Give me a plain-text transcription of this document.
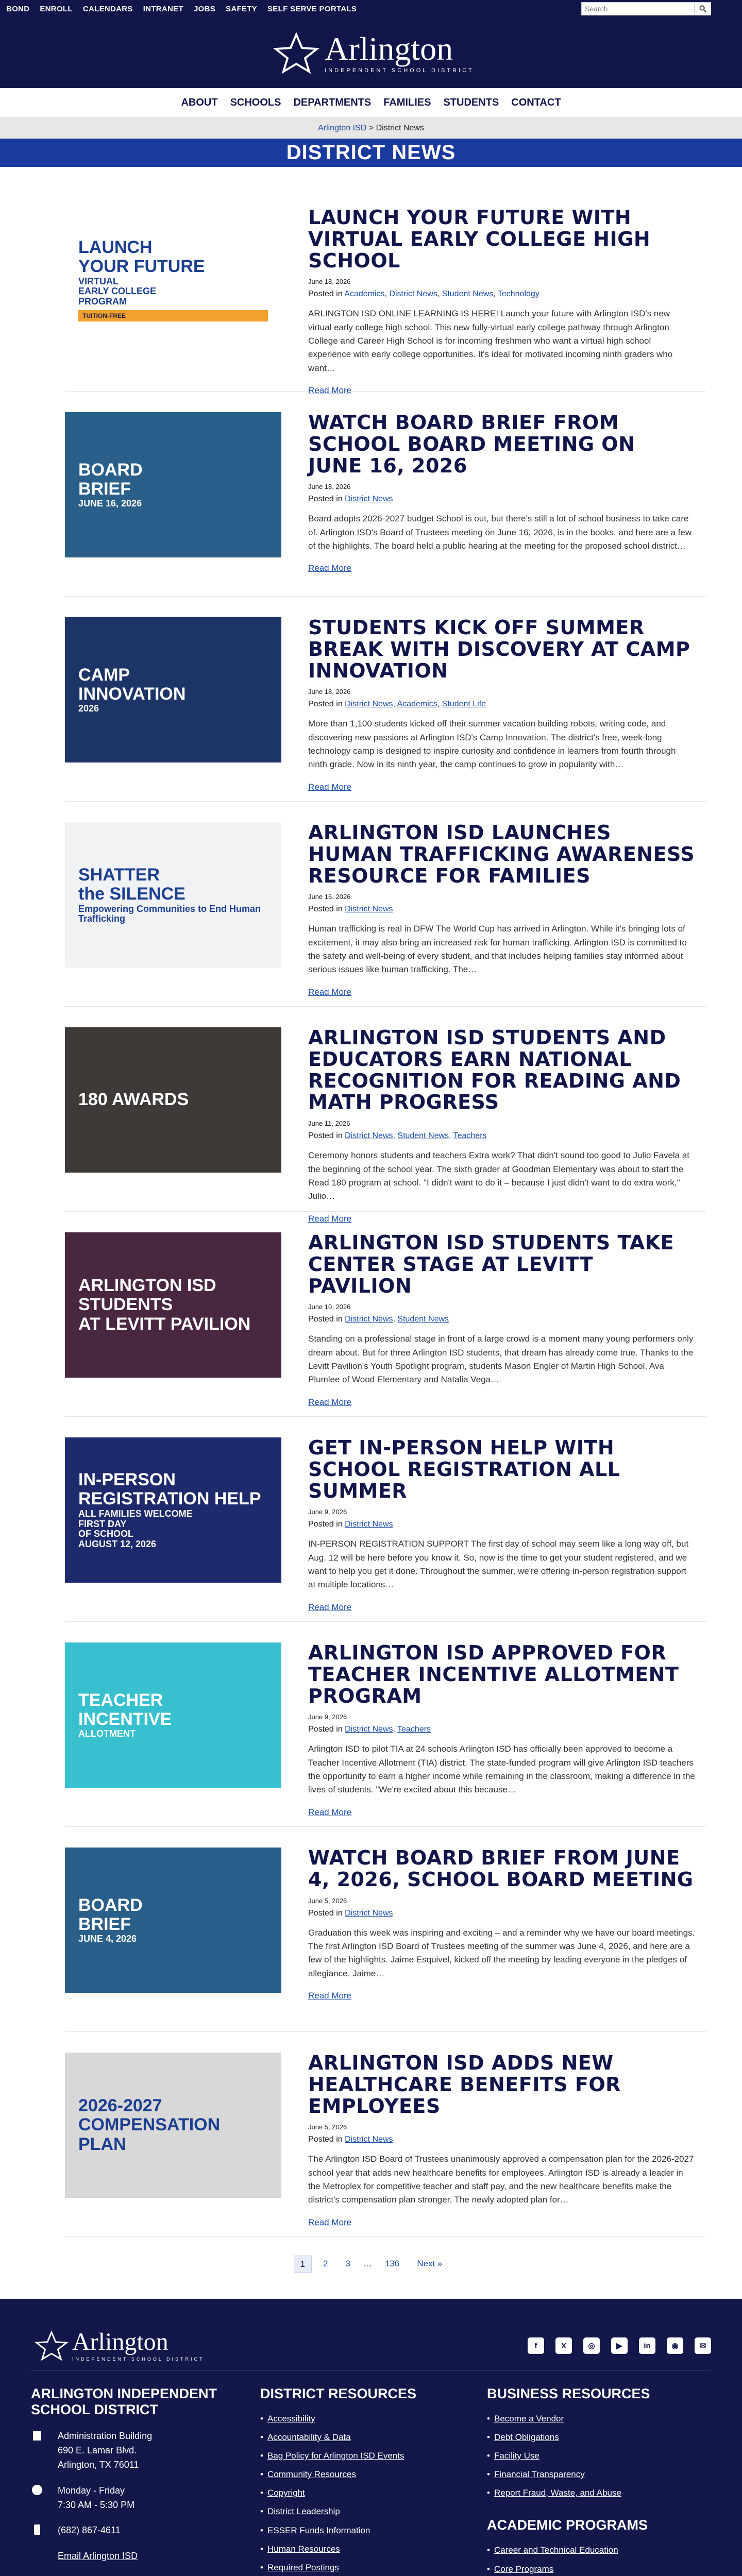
BOND ENROLL CALENDARS INTRANET JOBS SAFETY SELF SERVE PORTALS
Search
Arlington
INDEPENDENT SCHOOL DISTRICT
ABOUT SCHOOLS DEPARTMENTS FAMILIES STUDENTS CONTACT
Arlington ISD
>
District News
DISTRICT NEWS
LAUNCH
YOUR FUTURE
VIRTUAL
EARLY COLLEGE
PROGRAM
TUITION-FREE
LAUNCH YOUR FUTURE WITH VIRTUAL EARLY COLLEGE HIGH SCHOOL
June 18, 2026
Posted in Academics, District News, Student News, Technology

ARLINGTON ISD ONLINE LEARNING IS HERE! Launch your future with Arlington ISD's new virtual early college high school. This new fully-virtual early college pathway through Arlington College and Career High School is for incoming freshmen who want a virtual high school experience with early college opportunities. It's ideal for motivated incoming ninth graders who want…

Read More
BOARD
BRIEF
JUNE 16, 2026
WATCH BOARD BRIEF FROM SCHOOL BOARD MEETING ON JUNE 16, 2026
June 18, 2026
Posted in District News

Board adopts 2026-2027 budget School is out, but there's still a lot of school business to take care of. Arlington ISD's Board of Trustees meeting on June 16, 2026, is in the books, and here are a few of the highlights. The board held a public hearing at the meeting for the proposed school district…

Read More
CAMP
INNOVATION
2026
STUDENTS KICK OFF SUMMER BREAK WITH DISCOVERY AT CAMP INNOVATION
June 18, 2026
Posted in District News, Academics, Student Life

More than 1,100 students kicked off their summer vacation building robots, writing code, and discovering new passions at Arlington ISD's Camp Innovation. The district's free, week-long technology camp is designed to inspire curiosity and confidence in learners from fourth through ninth grade. Now in its ninth year, the camp continues to grow in popularity with…

Read More
SHATTER
the SILENCE
Empowering Communities to End Human Trafficking
ARLINGTON ISD LAUNCHES HUMAN TRAFFICKING AWARENESS RESOURCE FOR FAMILIES
June 16, 2026
Posted in District News

Human trafficking is real in DFW The World Cup has arrived in Arlington. While it's bringing lots of excitement, it may also bring an increased risk for human trafficking. Arlington ISD is committed to the safety and well-being of every student, and that includes helping families stay informed about serious issues like human trafficking. The…

Read More
180 AWARDS
ARLINGTON ISD STUDENTS AND EDUCATORS EARN NATIONAL RECOGNITION FOR READING AND MATH PROGRESS
June 11, 2026
Posted in District News, Student News, Teachers

Ceremony honors students and teachers Extra work? That didn't sound too good to Julio Favela at the beginning of the school year. The sixth grader at Goodman Elementary was about to start the Read 180 program at school. "I didn't want to do it – because I just didn't want to do extra work," Julio…

Read More
ARLINGTON ISD STUDENTS
AT LEVITT PAVILION
ARLINGTON ISD STUDENTS TAKE CENTER STAGE AT LEVITT PAVILION
June 10, 2026
Posted in District News, Student News

Standing on a professional stage in front of a large crowd is a moment many young performers only dream about. But for three Arlington ISD students, that dream has already come true. Thanks to the Levitt Pavilion's Youth Spotlight program, students Mason Engler of Martin High School, Ava Plumlee of Wood Elementary and Natalia Vega…

Read More
IN-PERSON
REGISTRATION HELP
ALL FAMILIES WELCOME
FIRST DAY
OF SCHOOL
AUGUST 12, 2026
GET IN-PERSON HELP WITH SCHOOL REGISTRATION ALL SUMMER
June 9, 2026
Posted in District News

IN-PERSON REGISTRATION SUPPORT The first day of school may seem like a long way off, but Aug. 12 will be here before you know it. So, now is the time to get your student registered, and we want to help you get it done. Throughout the summer, we're offering in-person registration support at multiple locations…

Read More
TEACHER
INCENTIVE
ALLOTMENT
ARLINGTON ISD APPROVED FOR TEACHER INCENTIVE ALLOTMENT PROGRAM
June 9, 2026
Posted in District News, Teachers

Arlington ISD to pilot TIA at 24 schools Arlington ISD has officially been approved to become a Teacher Incentive Allotment (TIA) district. The state-funded program will give Arlington ISD teachers the opportunity to earn a higher income while remaining in the classroom, making a difference in the lives of students. "We're excited about this because…

Read More
BOARD
BRIEF
JUNE 4, 2026
WATCH BOARD BRIEF FROM JUNE 4, 2026, SCHOOL BOARD MEETING
June 5, 2026
Posted in District News

Graduation this week was inspiring and exciting – and a reminder why we have our board meetings. The first Arlington ISD Board of Trustees meeting of the summer was June 4, 2026, and here are a few of the highlights. Jaime Esquivel, kicked off the meeting by leading everyone in the pledges of allegiance. Jaime…

Read More
2026-2027
COMPENSATION PLAN
ARLINGTON ISD ADDS NEW HEALTHCARE BENEFITS FOR EMPLOYEES
June 5, 2026
Posted in District News

The Arlington ISD Board of Trustees unanimously approved a compensation plan for the 2026-2027 school year that adds new healthcare benefits for employees. Arlington ISD is already a leader in the Metroplex for competitive teacher and staff pay, and the new healthcare benefits make the district's compensation plan stronger. The newly adopted plan for…

Read More
1	2	3	…	136	Next »
Arlington
INDEPENDENT SCHOOL DISTRICT
f	X	◎	▶	in	◉	✉
ARLINGTON INDEPENDENT SCHOOL DISTRICT
Administration Building
690 E. Lamar Blvd.
Arlington, TX 76011
Monday - Friday
7:30 AM - 5:30 PM
(682) 867-4611
Email Arlington ISD
DISTRICT RESOURCES
• Accessibility
• Accountability & Data
• Bag Policy for Arlington ISD Events
• Community Resources
• Copyright
• District Leadership
• ESSER Funds Information
• Human Resources
• Required Postings
BUSINESS RESOURCES
• Become a Vendor
• Debt Obligations
• Facility Use
• Financial Transparency
• Report Fraud, Waste, and Abuse
ACADEMIC PROGRAMS
• Career and Technical Education
• Core Programs
